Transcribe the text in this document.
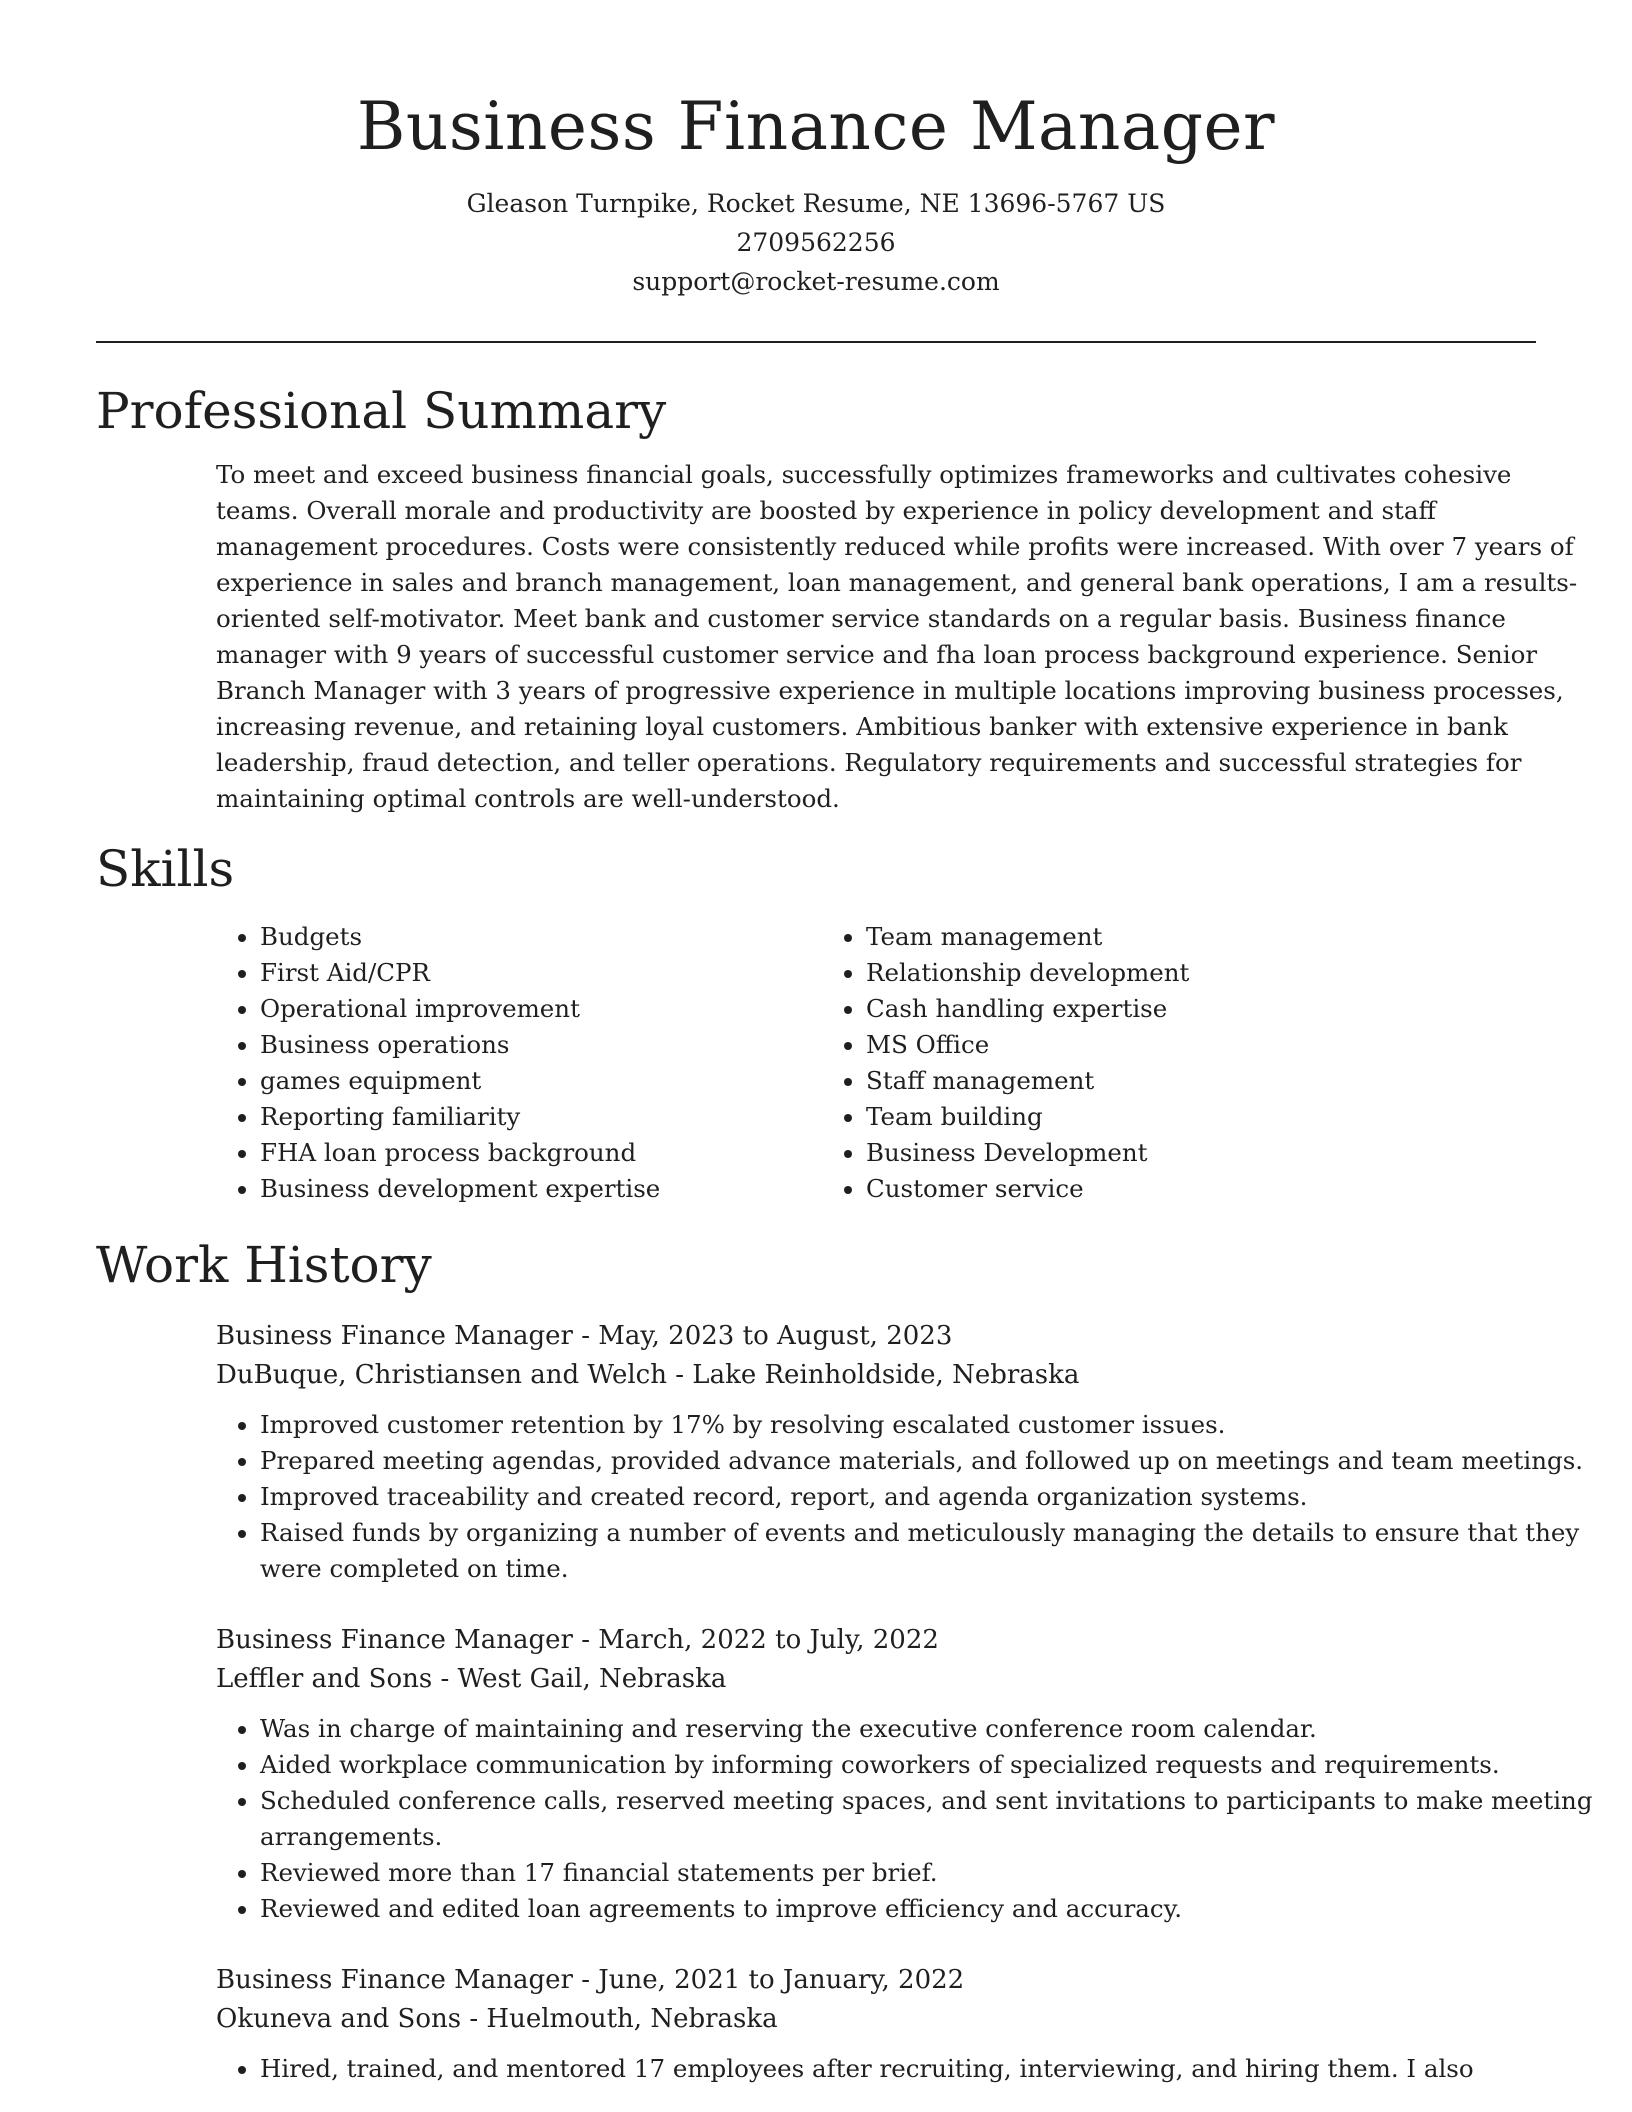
Business Finance Manager
Gleason Turnpike, Rocket Resume, NE 13696-5767 US
2709562256
support@rocket-resume.com
Professional Summary

To meet and exceed business financial goals, successfully optimizes frameworks and cultivates cohesive teams. Overall morale and productivity are boosted by experience in policy development and staff management procedures. Costs were consistently reduced while profits were increased. With over 7 years of experience in sales and branch management, loan management, and general bank operations, I am a results-oriented self-motivator. Meet bank and customer service standards on a regular basis. Business finance manager with 9 years of successful customer service and fha loan process background experience. Senior Branch Manager with 3 years of progressive experience in multiple locations improving business processes, increasing revenue, and retaining loyal customers. Ambitious banker with extensive experience in bank leadership, fraud detection, and teller operations. Regulatory requirements and successful strategies for maintaining optimal controls are well-understood.

Skills
• Budgets
• First Aid/CPR
• Operational improvement
• Business operations
• games equipment
• Reporting familiarity
• FHA loan process background
• Business development expertise
• Team management
• Relationship development
• Cash handling expertise
• MS Office
• Staff management
• Team building
• Business Development
• Customer service
Work History
Business Finance Manager - May, 2023 to August, 2023
DuBuque, Christiansen and Welch - Lake Reinholdside, Nebraska
• Improved customer retention by 17% by resolving escalated customer issues.
• Prepared meeting agendas, provided advance materials, and followed up on meetings and team meetings.
• Improved traceability and created record, report, and agenda organization systems.
• Raised funds by organizing a number of events and meticulously managing the details to ensure that they were completed on time.
Business Finance Manager - March, 2022 to July, 2022
Leffler and Sons - West Gail, Nebraska
• Was in charge of maintaining and reserving the executive conference room calendar.
• Aided workplace communication by informing coworkers of specialized requests and requirements.
• Scheduled conference calls, reserved meeting spaces, and sent invitations to participants to make meeting arrangements.
• Reviewed more than 17 financial statements per brief.
• Reviewed and edited loan agreements to improve efficiency and accuracy.
Business Finance Manager - June, 2021 to January, 2022
Okuneva and Sons - Huelmouth, Nebraska
• Hired, trained, and mentored 17 employees after recruiting, interviewing, and hiring them. I also
